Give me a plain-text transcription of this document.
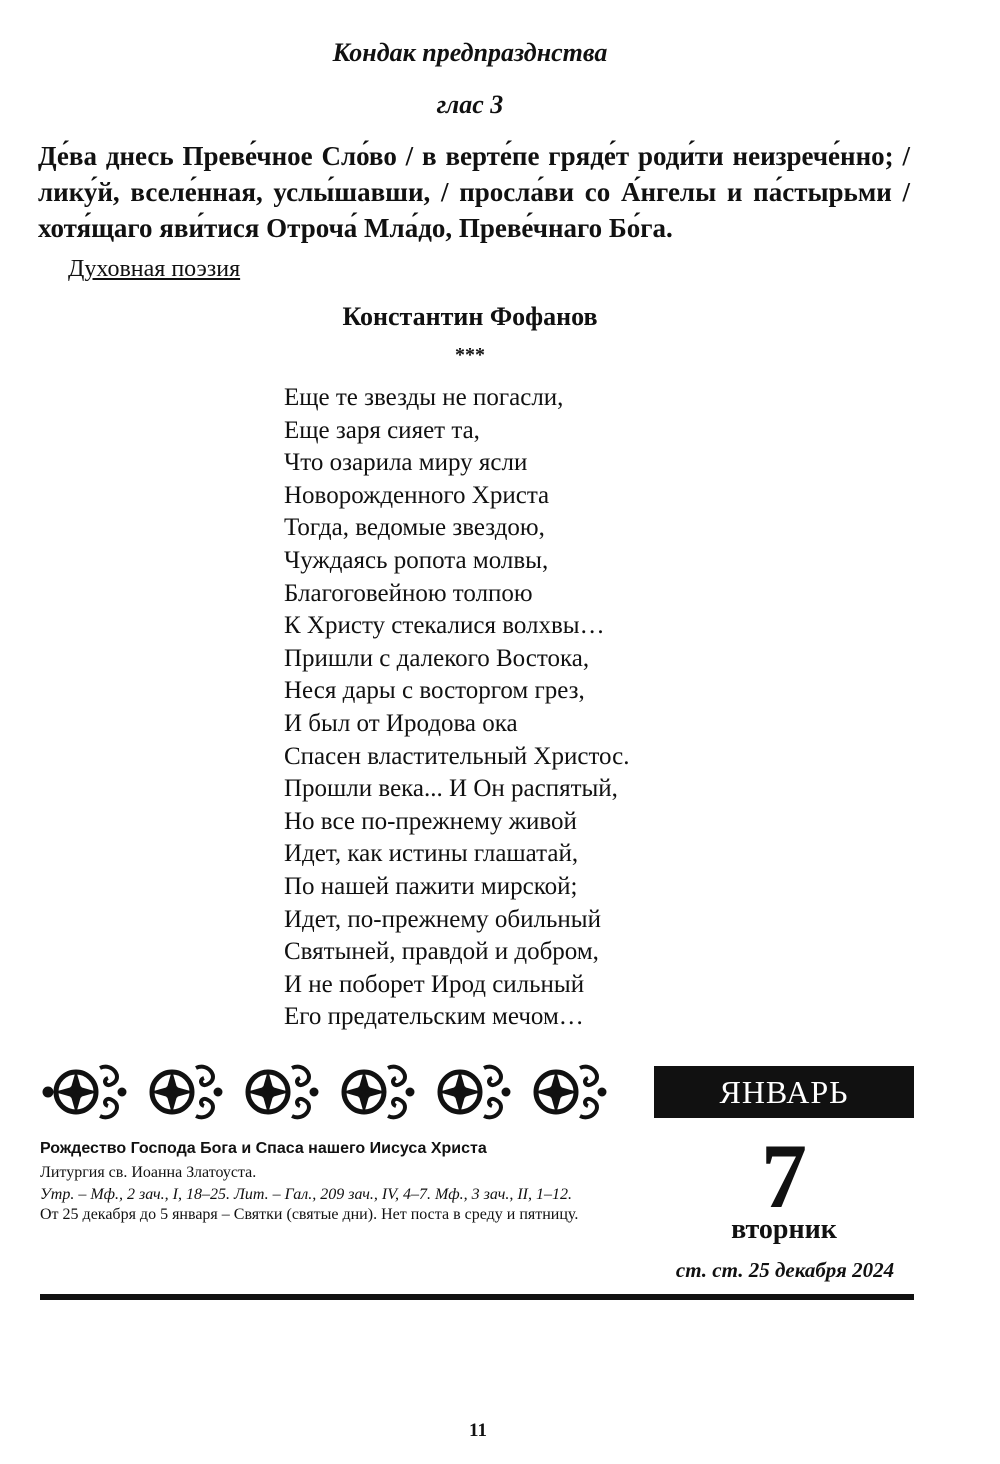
Кондак предпразднства
глас 3
Де́ва днесь Преве́чное Сло́во / в верте́пе гряде́т роди́ти неизрече́нно; / лику́й, вселе́нная, услы́шавши, / просла́ви со А́нгелы и па́стырьми / хотя́щаго яви́тися Отроча́ Мла́до, Преве́чнаго Бо́га.
Духовная поэзия
Константин Фофанов
***
Еще те звезды не погасли,
Еще заря сияет та,
Что озарила миру ясли
Новорожденного Христа
Тогда, ведомые звездою,
Чуждаясь ропота молвы,
Благоговейною толпою
К Христу стекалися волхвы…
Пришли с далекого Востока,
Неся дары с восторгом грез,
И был от Иродова ока
Спасен властительный Христос.
Прошли века... И Он распятый,
Но все по-прежнему живой
Идет, как истины глашатай,
По нашей пажити мирской;
Идет, по-прежнему обильный
Святыней, правдой и добром,
И не поборет Ирод сильный
Его предательским мечом…
ЯНВАРЬ
7
вторник
ст. ст. 25 декабря 2024
Рождество Господа Бога и Спаса нашего Иисуса Христа
Литургия св. Иоанна Златоуста.
Утр. – Мф., 2 зач., I, 18–25. Лит. – Гал., 209 зач., IV, 4–7. Мф., 3 зач., II, 1–12.
От 25 декабря до 5 января – Святки (святые дни). Нет поста в среду и пятницу.
11
